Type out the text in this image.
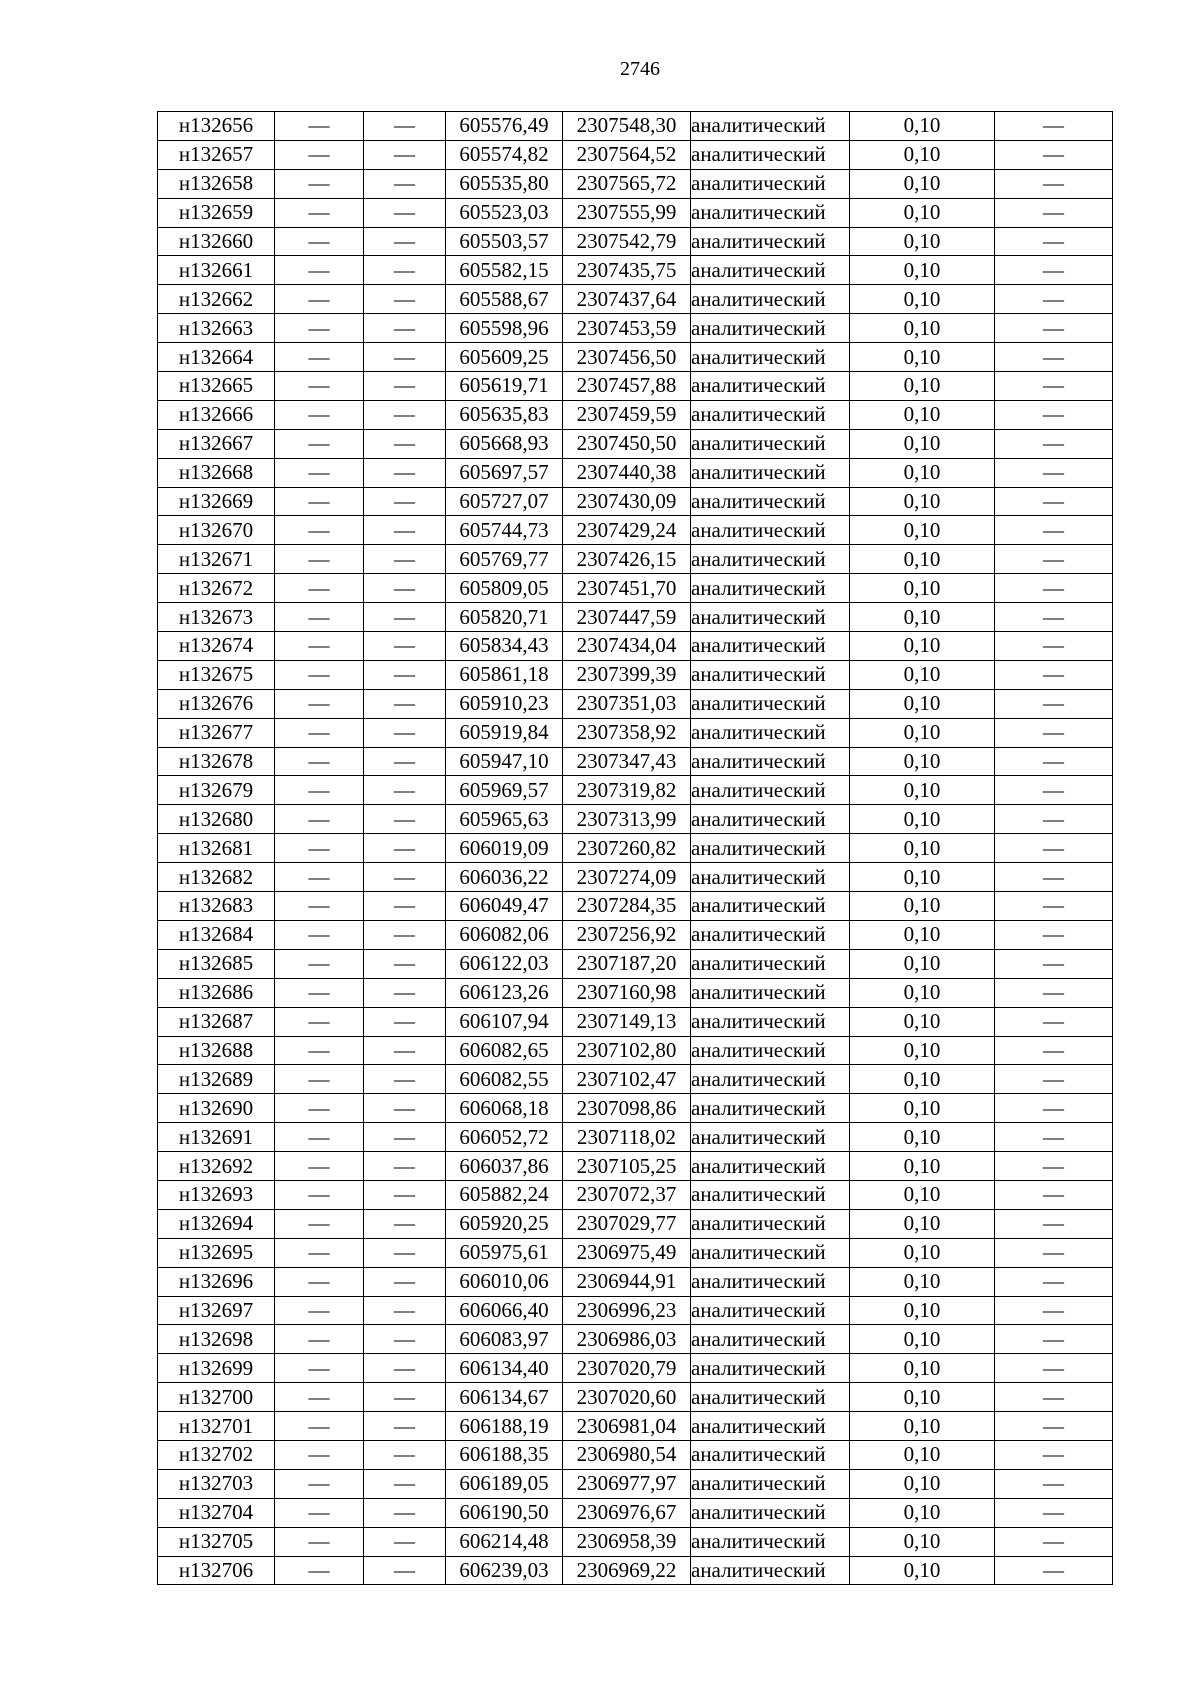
2746
н132656	—	—	605576,49	2307548,30	аналитический	0,10	—
н132657	—	—	605574,82	2307564,52	аналитический	0,10	—
н132658	—	—	605535,80	2307565,72	аналитический	0,10	—
н132659	—	—	605523,03	2307555,99	аналитический	0,10	—
н132660	—	—	605503,57	2307542,79	аналитический	0,10	—
н132661	—	—	605582,15	2307435,75	аналитический	0,10	—
н132662	—	—	605588,67	2307437,64	аналитический	0,10	—
н132663	—	—	605598,96	2307453,59	аналитический	0,10	—
н132664	—	—	605609,25	2307456,50	аналитический	0,10	—
н132665	—	—	605619,71	2307457,88	аналитический	0,10	—
н132666	—	—	605635,83	2307459,59	аналитический	0,10	—
н132667	—	—	605668,93	2307450,50	аналитический	0,10	—
н132668	—	—	605697,57	2307440,38	аналитический	0,10	—
н132669	—	—	605727,07	2307430,09	аналитический	0,10	—
н132670	—	—	605744,73	2307429,24	аналитический	0,10	—
н132671	—	—	605769,77	2307426,15	аналитический	0,10	—
н132672	—	—	605809,05	2307451,70	аналитический	0,10	—
н132673	—	—	605820,71	2307447,59	аналитический	0,10	—
н132674	—	—	605834,43	2307434,04	аналитический	0,10	—
н132675	—	—	605861,18	2307399,39	аналитический	0,10	—
н132676	—	—	605910,23	2307351,03	аналитический	0,10	—
н132677	—	—	605919,84	2307358,92	аналитический	0,10	—
н132678	—	—	605947,10	2307347,43	аналитический	0,10	—
н132679	—	—	605969,57	2307319,82	аналитический	0,10	—
н132680	—	—	605965,63	2307313,99	аналитический	0,10	—
н132681	—	—	606019,09	2307260,82	аналитический	0,10	—
н132682	—	—	606036,22	2307274,09	аналитический	0,10	—
н132683	—	—	606049,47	2307284,35	аналитический	0,10	—
н132684	—	—	606082,06	2307256,92	аналитический	0,10	—
н132685	—	—	606122,03	2307187,20	аналитический	0,10	—
н132686	—	—	606123,26	2307160,98	аналитический	0,10	—
н132687	—	—	606107,94	2307149,13	аналитический	0,10	—
н132688	—	—	606082,65	2307102,80	аналитический	0,10	—
н132689	—	—	606082,55	2307102,47	аналитический	0,10	—
н132690	—	—	606068,18	2307098,86	аналитический	0,10	—
н132691	—	—	606052,72	2307118,02	аналитический	0,10	—
н132692	—	—	606037,86	2307105,25	аналитический	0,10	—
н132693	—	—	605882,24	2307072,37	аналитический	0,10	—
н132694	—	—	605920,25	2307029,77	аналитический	0,10	—
н132695	—	—	605975,61	2306975,49	аналитический	0,10	—
н132696	—	—	606010,06	2306944,91	аналитический	0,10	—
н132697	—	—	606066,40	2306996,23	аналитический	0,10	—
н132698	—	—	606083,97	2306986,03	аналитический	0,10	—
н132699	—	—	606134,40	2307020,79	аналитический	0,10	—
н132700	—	—	606134,67	2307020,60	аналитический	0,10	—
н132701	—	—	606188,19	2306981,04	аналитический	0,10	—
н132702	—	—	606188,35	2306980,54	аналитический	0,10	—
н132703	—	—	606189,05	2306977,97	аналитический	0,10	—
н132704	—	—	606190,50	2306976,67	аналитический	0,10	—
н132705	—	—	606214,48	2306958,39	аналитический	0,10	—
н132706	—	—	606239,03	2306969,22	аналитический	0,10	—
